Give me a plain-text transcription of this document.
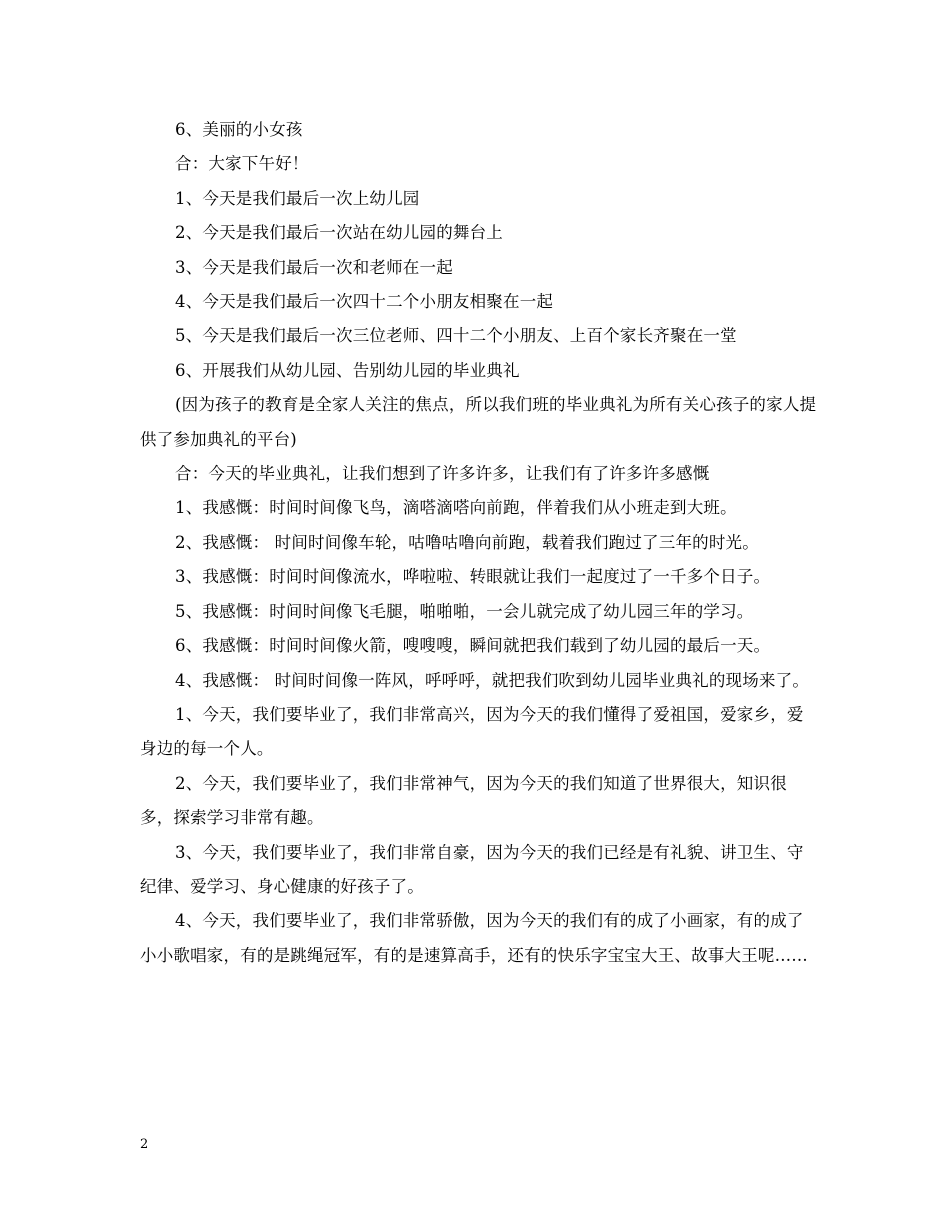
6、美丽的小女孩

合：大家下午好！

1、今天是我们最后一次上幼儿园

2、今天是我们最后一次站在幼儿园的舞台上

3、今天是我们最后一次和老师在一起

4、今天是我们最后一次四十二个小朋友相聚在一起

5、今天是我们最后一次三位老师、四十二个小朋友、上百个家长齐聚在一堂

6、开展我们从幼儿园、告别幼儿园的毕业典礼

(因为孩子的教育是全家人关注的焦点，所以我们班的毕业典礼为所有关心孩子的家人提供了参加典礼的平台)

合：今天的毕业典礼，让我们想到了许多许多，让我们有了许多许多感慨

1、我感慨：时间时间像飞鸟，滴嗒滴嗒向前跑，伴着我们从小班走到大班。

2、我感慨： 时间时间像车轮，咕噜咕噜向前跑，载着我们跑过了三年的时光。

3、我感慨：时间时间像流水，哗啦啦、转眼就让我们一起度过了一千多个日子。

5、我感慨：时间时间像飞毛腿，啪啪啪，一会儿就完成了幼儿园三年的学习。

6、我感慨：时间时间像火箭，嗖嗖嗖，瞬间就把我们载到了幼儿园的最后一天。

4、我感慨： 时间时间像一阵风，呼呼呼，就把我们吹到幼儿园毕业典礼的现场来了。

1、今天，我们要毕业了，我们非常高兴，因为今天的我们懂得了爱祖国，爱家乡，爱身边的每一个人。

2、今天，我们要毕业了，我们非常神气，因为今天的我们知道了世界很大，知识很多，探索学习非常有趣。

3、今天，我们要毕业了，我们非常自豪，因为今天的我们已经是有礼貌、讲卫生、守纪律、爱学习、身心健康的好孩子了。

4、今天，我们要毕业了，我们非常骄傲，因为今天的我们有的成了小画家，有的成了小小歌唱家，有的是跳绳冠军，有的是速算高手，还有的快乐字宝宝大王、故事大王呢……

2
